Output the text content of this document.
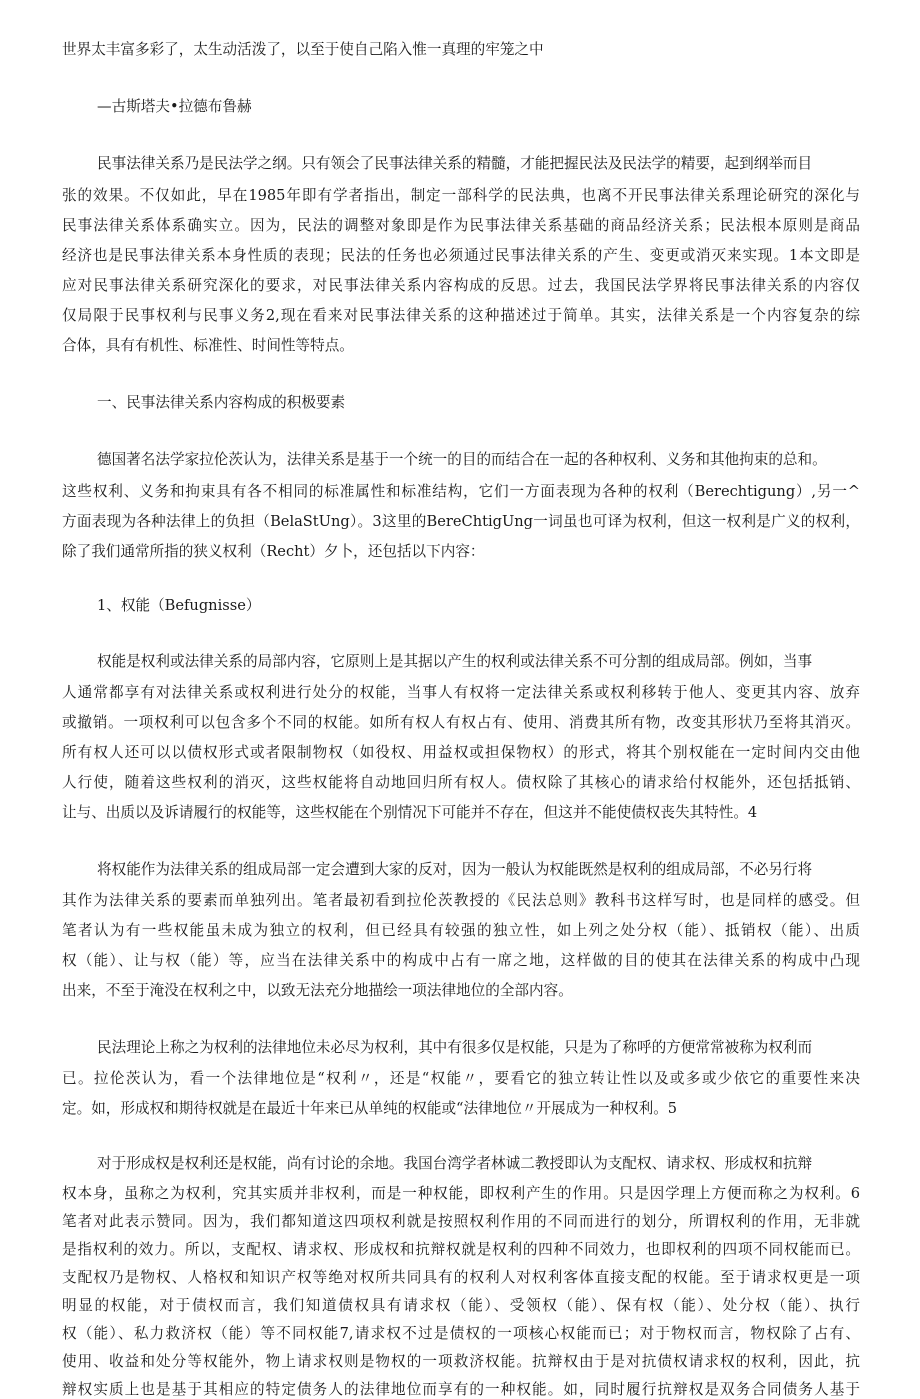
世界太丰富多彩了，太生动活泼了，以至于使自己陷入惟一真理的牢笼之中
—古斯塔夫•拉德布鲁赫
民事法律关系乃是民法学之纲。只有领会了民事法律关系的精髓，才能把握民法及民法学的精要，起到纲举而目
张的效果。不仅如此，早在1985年即有学者指出，制定一部科学的民法典，也离不开民事法律关系理论研究的深化与
民事法律关系体系确实立。因为，民法的调整对象即是作为民事法律关系基础的商品经济关系；民法根本原则是商品
经济也是民事法律关系本身性质的表现；民法的任务也必须通过民事法律关系的产生、变更或消灭来实现。1本文即是
应对民事法律关系研究深化的要求，对民事法律关系内容构成的反思。过去，我国民法学界将民事法律关系的内容仅
仅局限于民事权利与民事义务2,现在看来对民事法律关系的这种描述过于简单。其实，法律关系是一个内容复杂的综
合体，具有有机性、标准性、时间性等特点。
一、民事法律关系内容构成的积极要素
德国著名法学家拉伦茨认为，法律关系是基于一个统一的目的而结合在一起的各种权利、义务和其他拘束的总和。
这些权利、义务和拘束具有各不相同的标准属性和标准结构，它们一方面表现为各种的权利（Berechtigung）,另一^
方面表现为各种法律上的负担（BelaStUng）。3这里的BereChtigUng一词虽也可译为权利，但这一权利是广义的权利，
除了我们通常所指的狭义权利（Recht）夕卜，还包括以下内容：
1、权能（Befugnisse）
权能是权利或法律关系的局部内容，它原则上是其据以产生的权利或法律关系不可分割的组成局部。例如，当事
人通常都享有对法律关系或权利进行处分的权能，当事人有权将一定法律关系或权利移转于他人、变更其内容、放弃
或撤销。一项权利可以包含多个不同的权能。如所有权人有权占有、使用、消费其所有物，改变其形状乃至将其消灭。
所有权人还可以以债权形式或者限制物权（如役权、用益权或担保物权）的形式，将其个别权能在一定时间内交由他
人行使，随着这些权利的消灭，这些权能将自动地回归所有权人。债权除了其核心的请求给付权能外，还包括抵销、
让与、出质以及诉请履行的权能等，这些权能在个别情况下可能并不存在，但这并不能使债权丧失其特性。4
将权能作为法律关系的组成局部一定会遭到大家的反对，因为一般认为权能既然是权利的组成局部，不必另行将
其作为法律关系的要素而单独列出。笔者最初看到拉伦茨教授的《民法总则》教科书这样写时，也是同样的感受。但
笔者认为有一些权能虽未成为独立的权利，但已经具有较强的独立性，如上列之处分权（能）、抵销权（能）、出质
权（能）、让与权（能）等，应当在法律关系中的构成中占有一席之地，这样做的目的使其在法律关系的构成中凸现
出来，不至于淹没在权利之中，以致无法充分地描绘一项法律地位的全部内容。
民法理论上称之为权利的法律地位未必尽为权利，其中有很多仅是权能，只是为了称呼的方便常常被称为权利而
已。拉伦茨认为，看一个法律地位是“权利〃，还是“权能〃，要看它的独立转让性以及或多或少依它的重要性来决
定。如，形成权和期待权就是在最近十年来已从单纯的权能或“法律地位〃开展成为一种权利。5
对于形成权是权利还是权能，尚有讨论的余地。我国台湾学者林诚二教授即认为支配权、请求权、形成权和抗辩
权本身，虽称之为权利，究其实质并非权利，而是一种权能，即权利产生的作用。只是因学理上方便而称之为权利。6
笔者对此表示赞同。因为，我们都知道这四项权利就是按照权利作用的不同而进行的划分，所谓权利的作用，无非就
是指权利的效力。所以，支配权、请求权、形成权和抗辩权就是权利的四种不同效力，也即权利的四项不同权能而已。
支配权乃是物权、人格权和知识产权等绝对权所共同具有的权利人对权利客体直接支配的权能。至于请求权更是一项
明显的权能，对于债权而言，我们知道债权具有请求权（能）、受领权（能）、保有权（能）、处分权（能）、执行
权（能）、私力救济权（能）等不同权能7,请求权不过是债权的一项核心权能而已；对于物权而言，物权除了占有、
使用、收益和处分等权能外，物上请求权则是物权的一项救济权能。抗辩权由于是对抗债权请求权的权利，因此，抗
辩权实质上也是基于其相应的特定债务人的法律地位而享有的一种权能。如，同时履行抗辩权是双务合同债务人基于
